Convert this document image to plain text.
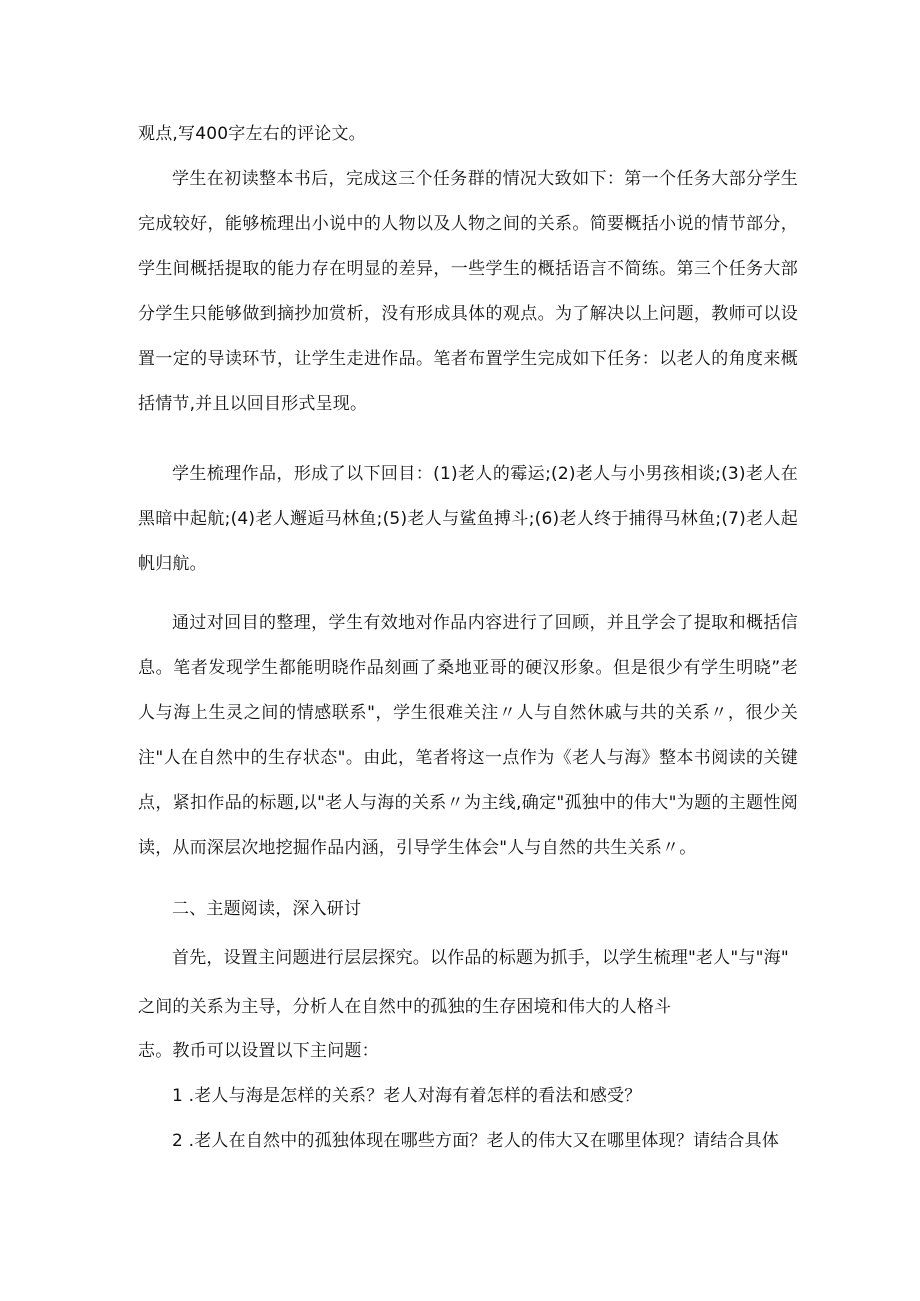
观点,写400字左右的评论文。

学生在初读整本书后，完成这三个任务群的情况大致如下：第一个任务大部分学生完成较好，能够梳理出小说中的人物以及人物之间的关系。简要概括小说的情节部分，学生间概括提取的能力存在明显的差异，一些学生的概括语言不简练。第三个任务大部分学生只能够做到摘抄加赏析，没有形成具体的观点。为了解决以上问题，教师可以设置一定的导读环节，让学生走进作品。笔者布置学生完成如下任务：以老人的角度来概括情节,并且以回目形式呈现。

学生梳理作品，形成了以下回目：(1)老人的霉运;(2)老人与小男孩相谈;(3)老人在黑暗中起航;(4)老人邂逅马林鱼;(5)老人与鲨鱼搏斗;(6)老人终于捕得马林鱼;(7)老人起帆归航。

通过对回目的整理，学生有效地对作品内容进行了回顾，并且学会了提取和概括信息。笔者发现学生都能明晓作品刻画了桑地亚哥的硬汉形象。但是很少有学生明晓”老人与海上生灵之间的情感联系"，学生很难关注〃人与自然休戚与共的关系〃，很少关注"人在自然中的生存状态"。由此，笔者将这一点作为《老人与海》整本书阅读的关键点，紧扣作品的标题,以"老人与海的关系〃为主线,确定"孤独中的伟大"为题的主题性阅读，从而深层次地挖掘作品内涵，引导学生体会"人与自然的共生关系〃。

二、主题阅读，深入研讨
首先，设置主问题进行层层探究。以作品的标题为抓手，以学生梳理"老人"与"海"
之间的关系为主导，分析人在自然中的孤独的生存困境和伟大的人格斗
志。教币可以设置以下主问题：
1 .老人与海是怎样的关系？老人对海有着怎样的看法和感受？
2 .老人在自然中的孤独体现在哪些方面？老人的伟大又在哪里体现？请结合具体
